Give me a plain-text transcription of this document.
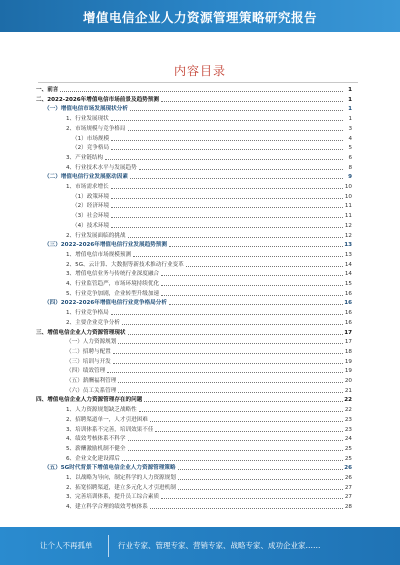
增值电信企业人力资源管理策略研究报告
内容目录
一、前言	1
二、2022-2026年增值电信市场前景及趋势预测	1
（一）增值电信市场发展现状分析	1
1、行业发展现状	1
2、市场规模与竞争格局	3
（1）市场规模	4
（2）竞争格局	5
3、产业链结构	6
4、行业技术水平与发展趋势	8
（二）增值电信行业发展驱动因素	9
1、市场需求增长	10
（1）政策环境	10
（2）经济环境	11
（3）社会环境	11
（4）技术环境	12
2、行业发展面临的挑战	12
（三）2022-2026年增值电信行业发展趋势预测	13
1、增值电信市场规模预测	13
2、5G、云计算、大数据等新技术推动行业变革	14
3、增值电信业务与传统行业深度融合	14
4、行业监管趋严，市场环境持续优化	15
5、行业竞争加剧，企业转型升级加速	16
（四）2022-2026年增值电信行业竞争格局分析	16
1、行业竞争格局	16
2、主要企业竞争分析	16
三、增值电信企业人力资源管理现状	17
（一）人力资源规划	17
（二）招聘与配置	18
（三）培训与开发	19
（四）绩效管理	19
（五）薪酬福利管理	20
（六）员工关系管理	21
四、增值电信企业人力资源管理存在的问题	22
1、人力资源规划缺乏战略性	22
2、招聘渠道单一，人才引进困难	23
3、培训体系不完善，培训效果不佳	23
4、绩效考核体系不科学	24
5、薪酬激励机制不健全	25
6、企业文化建设滞后	25
（五）5G时代背景下增值电信企业人力资源管理策略	26
1、以战略为导向，制定科学的人力资源规划	26
2、拓宽招聘渠道，建立多元化人才引进机制	27
3、完善培训体系，提升员工综合素质	27
4、建立科学合理的绩效考核体系	28
让个人不再孤单	行业专家、管理专家、营销专家、战略专家、成功企业家……
